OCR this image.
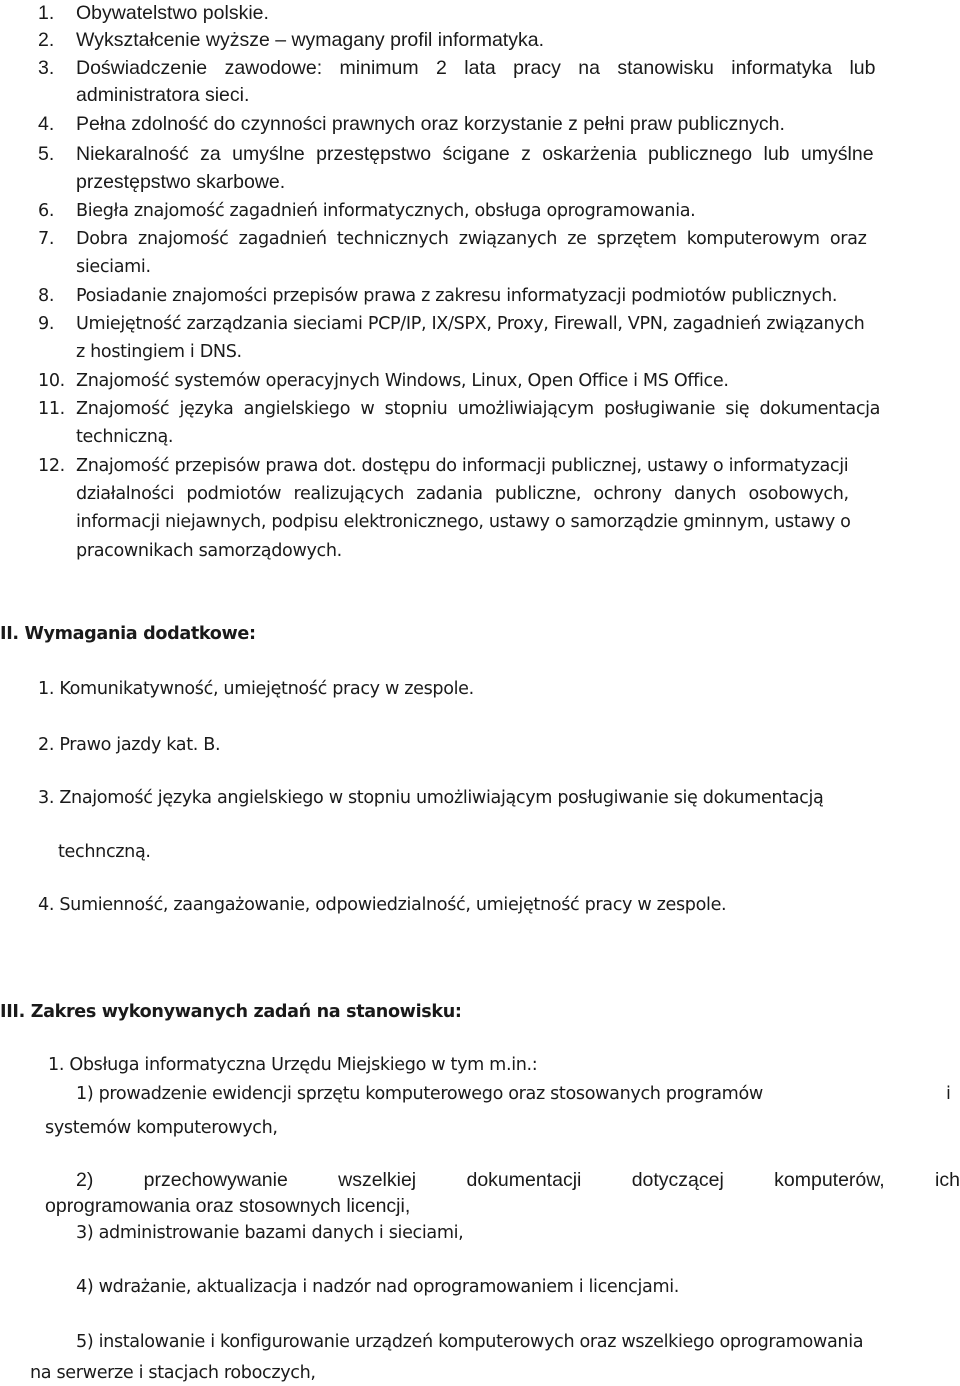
1. Obywatelstwo polskie.
2. Wykształcenie wyższe – wymagany profil informatyka.
3. Doświadczenie zawodowe: minimum 2 lata pracy na stanowisku informatyka lub
administratora sieci.
4. Pełna zdolność do czynności prawnych oraz korzystanie z pełni praw publicznych.
5. Niekaralność za umyślne przestępstwo ścigane z oskarżenia publicznego lub umyślne
przestępstwo skarbowe.
6. Biegła znajomość zagadnień informatycznych, obsługa oprogramowania.
7. Dobra znajomość zagadnień technicznych związanych ze sprzętem komputerowym oraz
sieciami.
8. Posiadanie znajomości przepisów prawa z zakresu informatyzacji podmiotów publicznych.
9. Umiejętność zarządzania sieciami PCP/IP, IX/SPX, Proxy, Firewall, VPN, zagadnień związanych
z hostingiem i DNS.
10. Znajomość systemów operacyjnych Windows, Linux, Open Office i MS Office.
11. Znajomość języka angielskiego w stopniu umożliwiającym posługiwanie się dokumentacja
techniczną.
12. Znajomość przepisów prawa dot. dostępu do informacji publicznej, ustawy o informatyzacji
działalności podmiotów realizujących zadania publiczne, ochrony danych osobowych,
informacji niejawnych, podpisu elektronicznego, ustawy o samorządzie gminnym, ustawy o
pracownikach samorządowych.
II. Wymagania dodatkowe:
1. Komunikatywność, umiejętność pracy w zespole.
2. Prawo jazdy kat. B.
3. Znajomość języka angielskiego w stopniu umożliwiającym posługiwanie się dokumentacją
technczną.
4. Sumienność, zaangażowanie, odpowiedzialność, umiejętność pracy w zespole.
III. Zakres wykonywanych zadań na stanowisku:
1. Obsługa informatyczna Urzędu Miejskiego w tym m.in.:
1) prowadzenie ewidencji sprzętu komputerowego oraz stosowanych programów	i
systemów komputerowych,
2)	przechowywanie	wszelkiej	dokumentacji	dotyczącej	komputerów,	ich
oprogramowania oraz stosownych licencji,
3) administrowanie bazami danych i sieciami,
4) wdrażanie, aktualizacja i nadzór nad oprogramowaniem i licencjami.
5) instalowanie i konfigurowanie urządzeń komputerowych oraz wszelkiego oprogramowania
na serwerze i stacjach roboczych,
